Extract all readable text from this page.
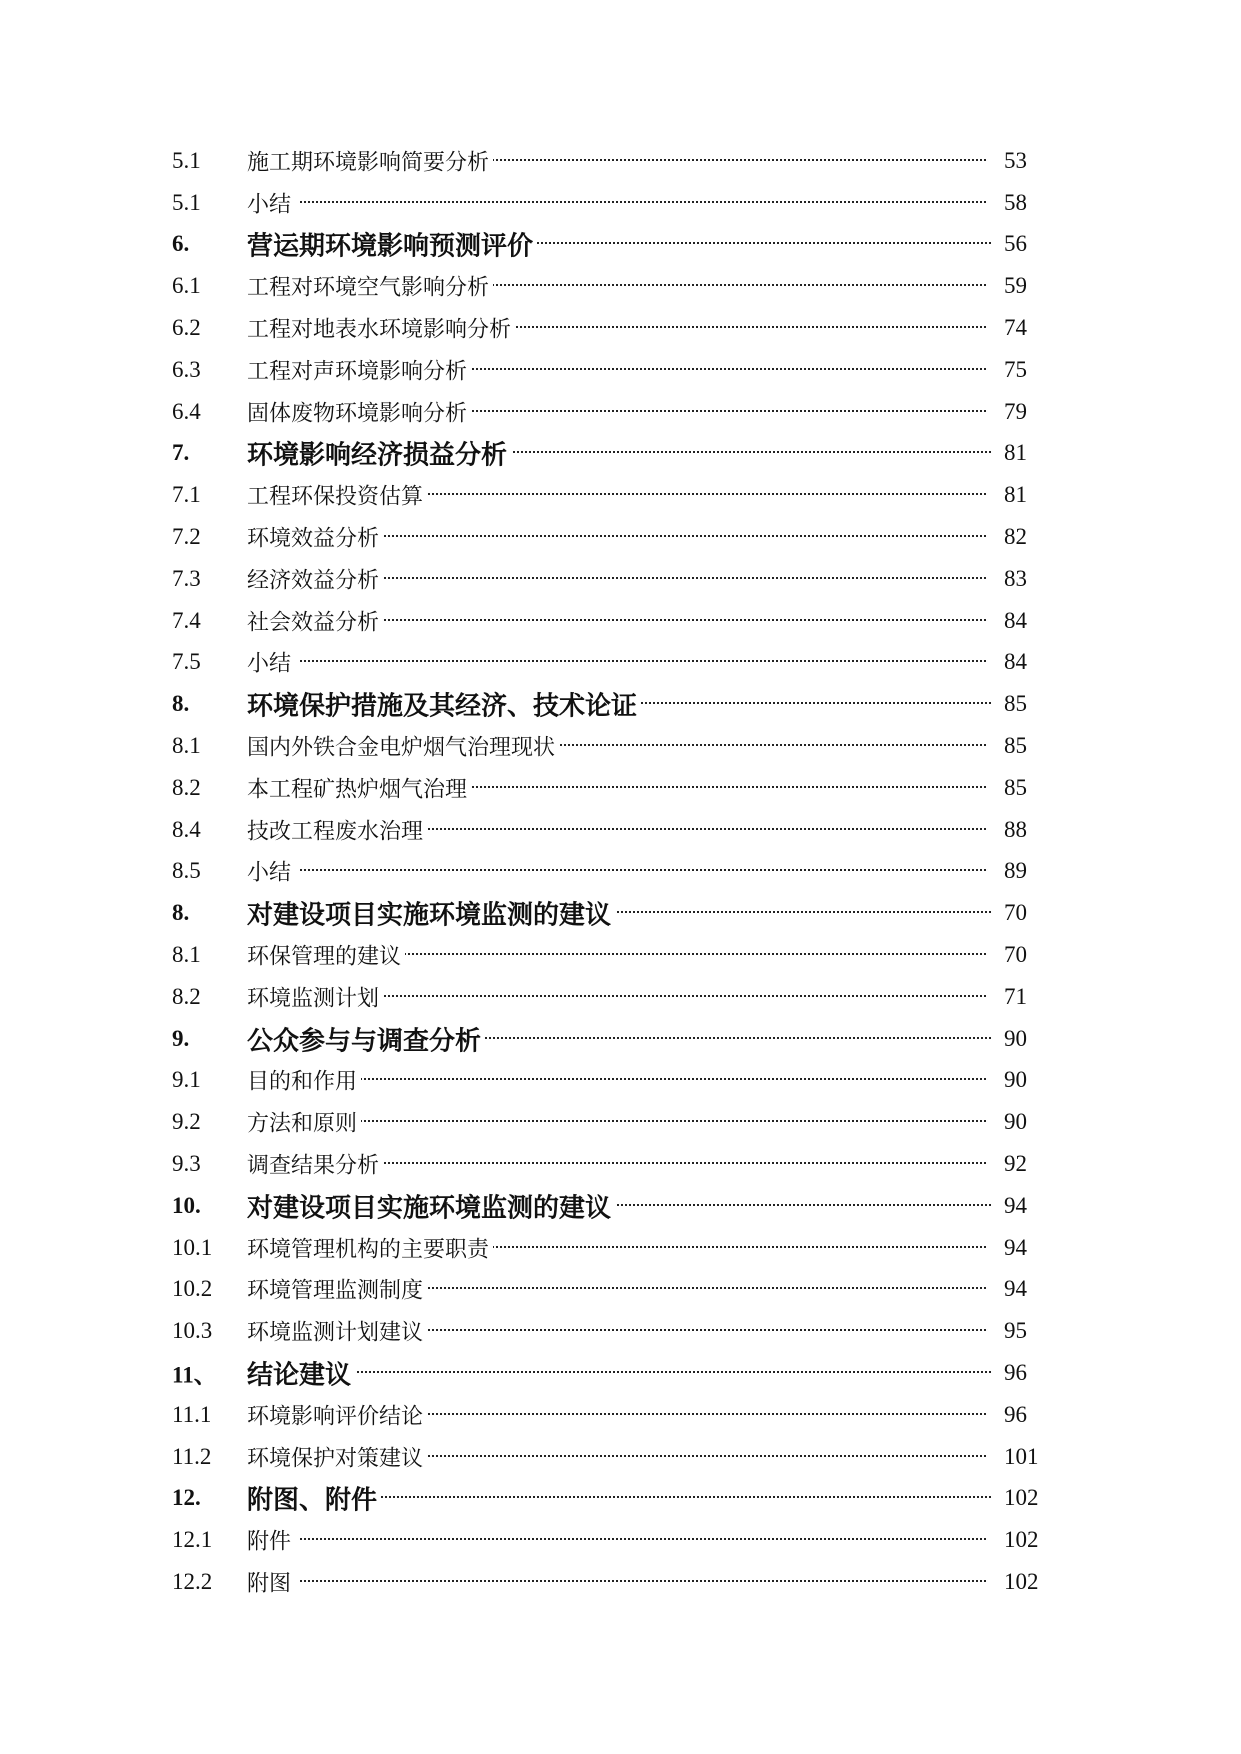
5.1 施工期环境影响简要分析	53
5.1 小结	58
6. 营运期环境影响预测评价	56
6.1 工程对环境空气影响分析	59
6.2 工程对地表水环境影响分析	74
6.3 工程对声环境影响分析	75
6.4 固体废物环境影响分析	79
7. 环境影响经济损益分析	81
7.1 工程环保投资估算	81
7.2 环境效益分析	82
7.3 经济效益分析	83
7.4 社会效益分析	84
7.5 小结	84
8. 环境保护措施及其经济、技术论证	85
8.1 国内外铁合金电炉烟气治理现状	85
8.2 本工程矿热炉烟气治理	85
8.4 技改工程废水治理	88
8.5 小结	89
8. 对建设项目实施环境监测的建议	70
8.1 环保管理的建议	70
8.2 环境监测计划	71
9. 公众参与与调查分析	90
9.1 目的和作用	90
9.2 方法和原则	90
9.3 调查结果分析	92
10. 对建设项目实施环境监测的建议	94
10.1 环境管理机构的主要职责	94
10.2 环境管理监测制度	94
10.3 环境监测计划建议	95
11、 结论建议	96
11.1 环境影响评价结论	96
11.2 环境保护对策建议	101
12. 附图、附件	102
12.1 附件	102
12.2 附图	102
